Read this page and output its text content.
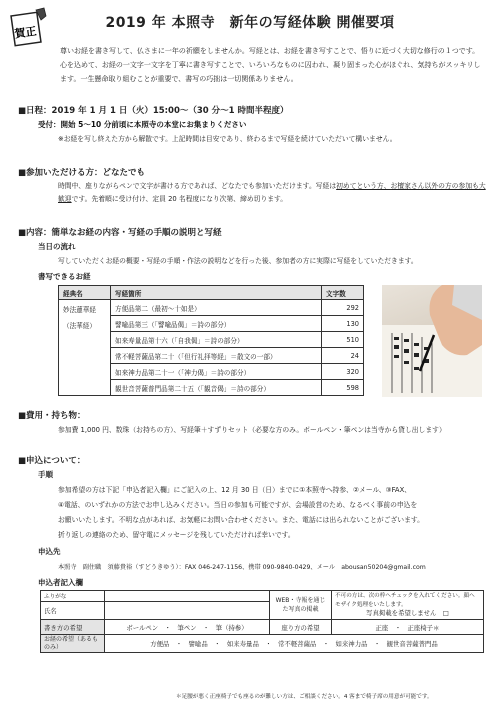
賀正
2019 年 本照寺　新年の写経体験 開催要項
尊いお経を書き写して、仏さまに一年の祈願をしませんか。写経とは、お経を書き写すことで、悟りに近づく大切な修行の１つです。心を込めて、お経の一文字一文字を丁寧に書き写すことで、いろいろなものに囚われ、凝り固まった心がほぐれ、気持ちがスッキリします。一生懸命取り組むことが重要で、書写の巧拙は一切関係ありません。
■日程：2019 年 1 月 1 日（火）15:00～（30 分～1 時間半程度）
受付：開始 5～10 分前頃に本照寺の本堂にお集まりください
※お経を写し終えた方から解散です。上記時間は目安であり、終わるまで写経を続けていただいて構いません。
■参加いただける方：どなたでも
時間中、座りながらペンで文字が書ける方であれば、どなたでも参加いただけます。写経は初めてという方、お檀家さん以外の方の参加も大歓迎です。先着順に受け付け、定員 20 名程度になり次第、締め切ります。
■内容：簡単なお経の内容・写経の手順の説明と写経
当日の流れ
写していただくお経の概要・写経の手順・作法の説明などを行った後、参加者の方に実際に写経をしていただきます。
書写できるお経
経典名	写経箇所	文字数

妙法蓮華経
（法華経）	方便品第二（最初～十如是）	292
	譬喩品第三（「譬喩品偈」＝詩の部分）	130
	如来寿量品第十六（「自我偈」＝詩の部分）	510
	常不軽菩薩品第二十（「但行礼拝等経」＝散文の一部）	24
	如来神力品第二十一（「神力偈」＝詩の部分）	320
	観世音菩薩普門品第二十五（「観音偈」＝詩の部分）	598
■費用・持ち物：
参加費 1,000 円、数珠（お持ちの方）、写経筆＋すずりセット（必要な方のみ。ボールペン・筆ペンは当寺から貸し出します）
■申込について：
手順
参加希望の方は下記「申込者記入欄」にご記入の上、12 月 30 日（日）までに①本照寺へ持参、②メール、③FAX、
④電話、のいずれかの方法でお申し込みください。当日の参加も可能ですが、会場設営のため、なるべく事前の申込を
お願いいたします。不明な点があれば、お気軽にお問い合わせください。また、電話には出られないことがございます。
折り返しの連絡のため、留守電にメッセージを残していただければ幸いです。
申込先
本照寺　副住職　須藤貴裕（すどうきゆう）：FAX 046-247-1156、携帯 090-9840-0429、メール　abousan50204@gmail.com
申込者記入欄
ふりがな		WEB・寺報を通じた写真の掲載	不可の方は、次の枠へチェックを入れてください。顔へモザイク処理をいたします。
写真掲載を希望しません　□

氏名			
書き方の希望	ボールペン　・　筆ペン　・　筆（持参）	座り方の希望	正座　・　正座椅子＊
お経の希望（あるものみ）	方便品　・　譬喩品　・　如来寿量品　・　常不軽菩薩品　・　如来神力品　・　観世音菩薩普門品		
＊足腰が悪く正座椅子でも座るのが難しい方は、ご相談ください。4 客まで椅子席の用意が可能です。
